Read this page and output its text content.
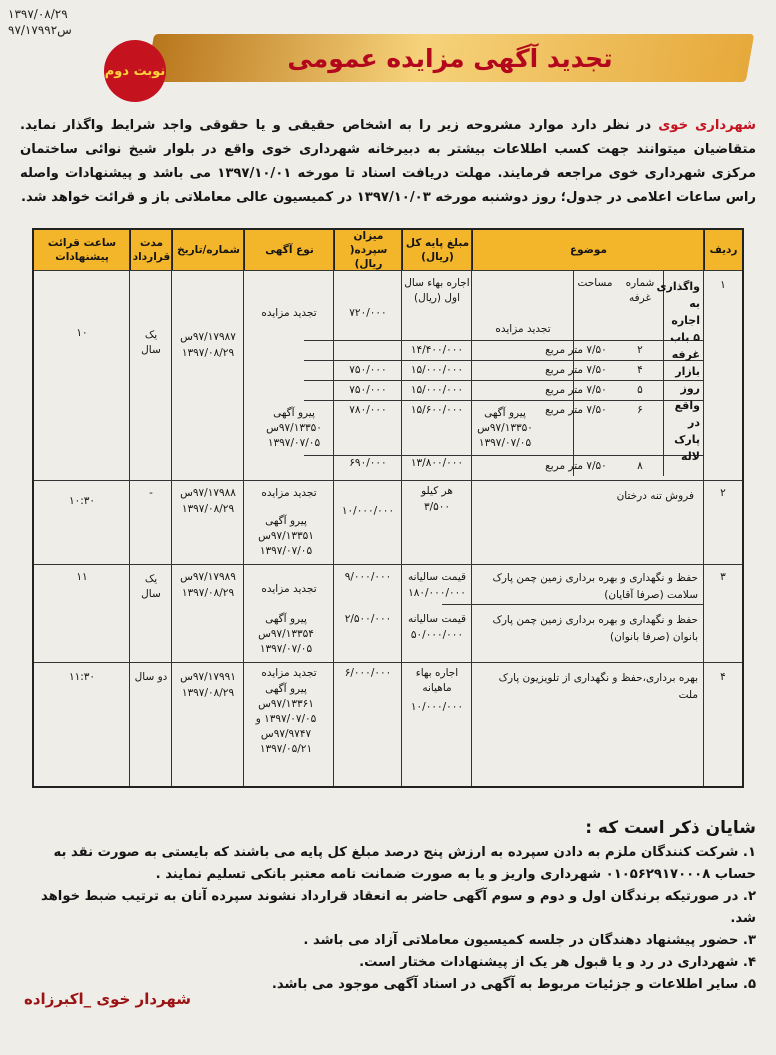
۱۳۹۷/۰۸/۲۹
۹۷/۱۷۹۹۲س
تجدید آگهی مزایده عمومی
نوبت دوم
شهرداری خوی در نظر دارد موارد مشروحه زیر را به اشخاص حقیقی و یا حقوقی واجد شرایط واگذار نماید. متقاضیان میتوانند جهت کسب اطلاعات بیشتر به دبیرخانه شهرداری خوی واقع در بلوار شیخ نوائی ساختمان مرکزی شهرداری خوی مراجعه فرمایند. مهلت دریافت اسناد تا مورخه ۱۳۹۷/۱۰/۰۱ می باشد و پیشنهادات واصله راس ساعات اعلامی در جدول؛ روز دوشنبه مورخه ۱۳۹۷/۱۰/۰۳ در کمیسیون عالی معاملاتی باز و قرائت خواهد شد.
ردیف
موضوع
مبلغ پایه کل (ریال)
میزان سپرده( ریال)
نوع آگهی
شماره/تاریخ
مدت قرارداد
ساعت قرائت پیشنهادات
۱
واگذاری به اجاره ۵ باب غرفه بازار روز واقع در پارک لاله
شماره غرفه
مساحت
تجدید مزایده
اجاره بهاء سال اول (ریال)
۲
۷/۵۰ متر مربع
۱۴/۴۰۰/۰۰۰
۴
۷/۵۰ متر مربع
۱۵/۰۰۰/۰۰۰
۵
۷/۵۰ متر مربع
۱۵/۰۰۰/۰۰۰
۶
۷/۵۰ متر مربع
۱۵/۶۰۰/۰۰۰	پیرو آگهی ۹۷/۱۳۳۵۰س ۱۳۹۷/۰۷/۰۵
۸
۷/۵۰ متر مربع
۱۳/۸۰۰/۰۰۰
۷۲۰/۰۰۰
۷۵۰/۰۰۰
۷۵۰/۰۰۰
۷۸۰/۰۰۰
۶۹۰/۰۰۰
تجدید مزایده
پیرو آگهی ۹۷/۱۳۳۵۰س ۱۳۹۷/۰۷/۰۵
۹۷/۱۷۹۸۷س
۱۳۹۷/۰۸/۲۹
یک سال
۱۰
۲
فروش تنه درختان
هر کیلو
۳/۵۰۰
۱۰/۰۰۰/۰۰۰
تجدید مزایده
پیرو آگهی ۹۷/۱۳۳۵۱س ۱۳۹۷/۰۷/۰۵
۹۷/۱۷۹۸۸س
۱۳۹۷/۰۸/۲۹
-
۱۰:۳۰
۳
حفظ و نگهداری و بهره برداری زمین چمن پارک سلامت (صرفا آقایان)
حفظ و نگهداری و بهره برداری زمین چمن پارک بانوان (صرفا بانوان)
قیمت سالیانه
۱۸۰/۰۰۰/۰۰۰
قیمت سالیانه
۵۰/۰۰۰/۰۰۰
۹/۰۰۰/۰۰۰
۲/۵۰۰/۰۰۰
تجدید مزایده
پیرو آگهی ۹۷/۱۳۳۵۴س ۱۳۹۷/۰۷/۰۵
۹۷/۱۷۹۸۹س
۱۳۹۷/۰۸/۲۹
یک سال
۱۱
۴
بهره برداری،حفظ و نگهداری از تلویزیون پارک ملت
اجاره بهاء ماهیانه
۱۰/۰۰۰/۰۰۰
۶/۰۰۰/۰۰۰
تجدید مزایده
پیرو آگهی ۹۷/۱۳۳۶۱س ۱۳۹۷/۰۷/۰۵ و ۹۷/۹۷۴۷س ۱۳۹۷/۰۵/۲۱
۹۷/۱۷۹۹۱س
۱۳۹۷/۰۸/۲۹
دو سال
۱۱:۳۰
شایان ذکر است که :

۱. شرکت کنندگان ملزم به دادن سپرده به ارزش پنج درصد مبلغ کل پایه می باشند که بایستی به صورت نقد به حساب ۰۱۰۵۶۲۹۱۷۰۰۰۸ شهرداری واریز و یا به صورت ضمانت نامه معتبر بانکی تسلیم نمایند .

۲. در صورتیکه برندگان اول و دوم و سوم آگهی حاضر به انعقاد قرارداد نشوند سپرده آنان به ترتیب ضبط خواهد شد.

۳. حضور پیشنهاد دهندگان در جلسه کمیسیون معاملاتی آزاد می باشد .

۴. شهرداری در رد و یا قبول هر یک از پیشنهادات مختار است.

۵. سایر اطلاعات و جزئیات مربوط به آگهی در اسناد آگهی موجود می باشد.

شهردار خوی _اکبرزاده
